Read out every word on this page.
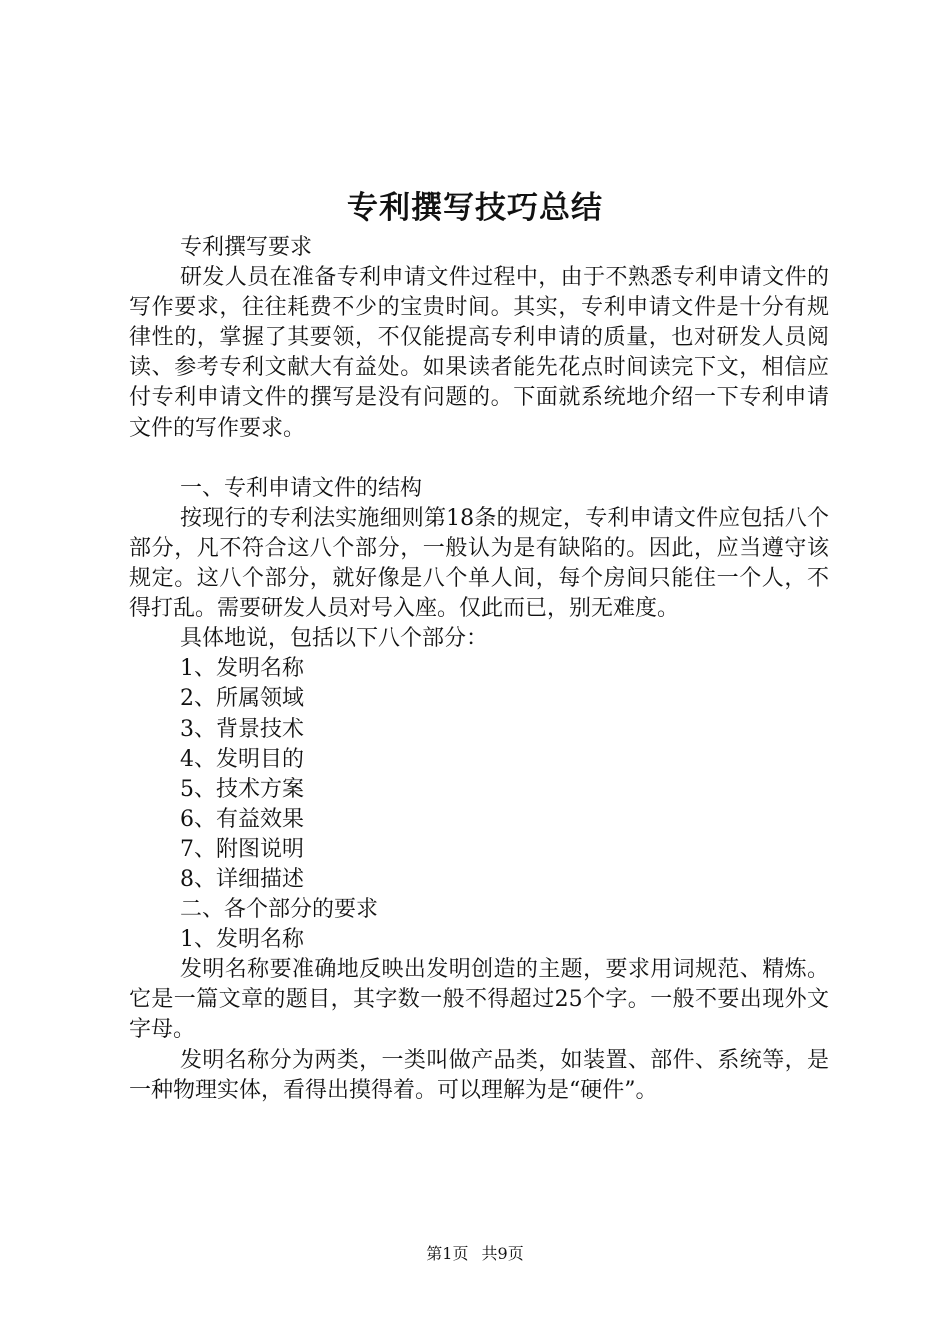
专利撰写技巧总结

专利撰写要求

研发人员在准备专利申请文件过程中，由于不熟悉专利申请文件的写作要求，往往耗费不少的宝贵时间。其实，专利申请文件是十分有规律性的，掌握了其要领，不仅能提高专利申请的质量，也对研发人员阅读、参考专利文献大有益处。如果读者能先花点时间读完下文，相信应付专利申请文件的撰写是没有问题的。下面就系统地介绍一下专利申请文件的写作要求。

一、专利申请文件的结构

按现行的专利法实施细则第18条的规定，专利申请文件应包括八个部分，凡不符合这八个部分，一般认为是有缺陷的。因此，应当遵守该规定。这八个部分，就好像是八个单人间，每个房间只能住一个人，不得打乱。需要研发人员对号入座。仅此而已，别无难度。

具体地说，包括以下八个部分：

1、发明名称

2、所属领域

3、背景技术

4、发明目的

5、技术方案

6、有益效果

7、附图说明

8、详细描述

二、各个部分的要求

1、发明名称

发明名称要准确地反映出发明创造的主题，要求用词规范、精炼。它是一篇文章的题目，其字数一般不得超过25个字。一般不要出现外文字母。

发明名称分为两类，一类叫做产品类，如装置、部件、系统等，是一种物理实体，看得出摸得着。可以理解为是“硬件”。

第1页 共9页
